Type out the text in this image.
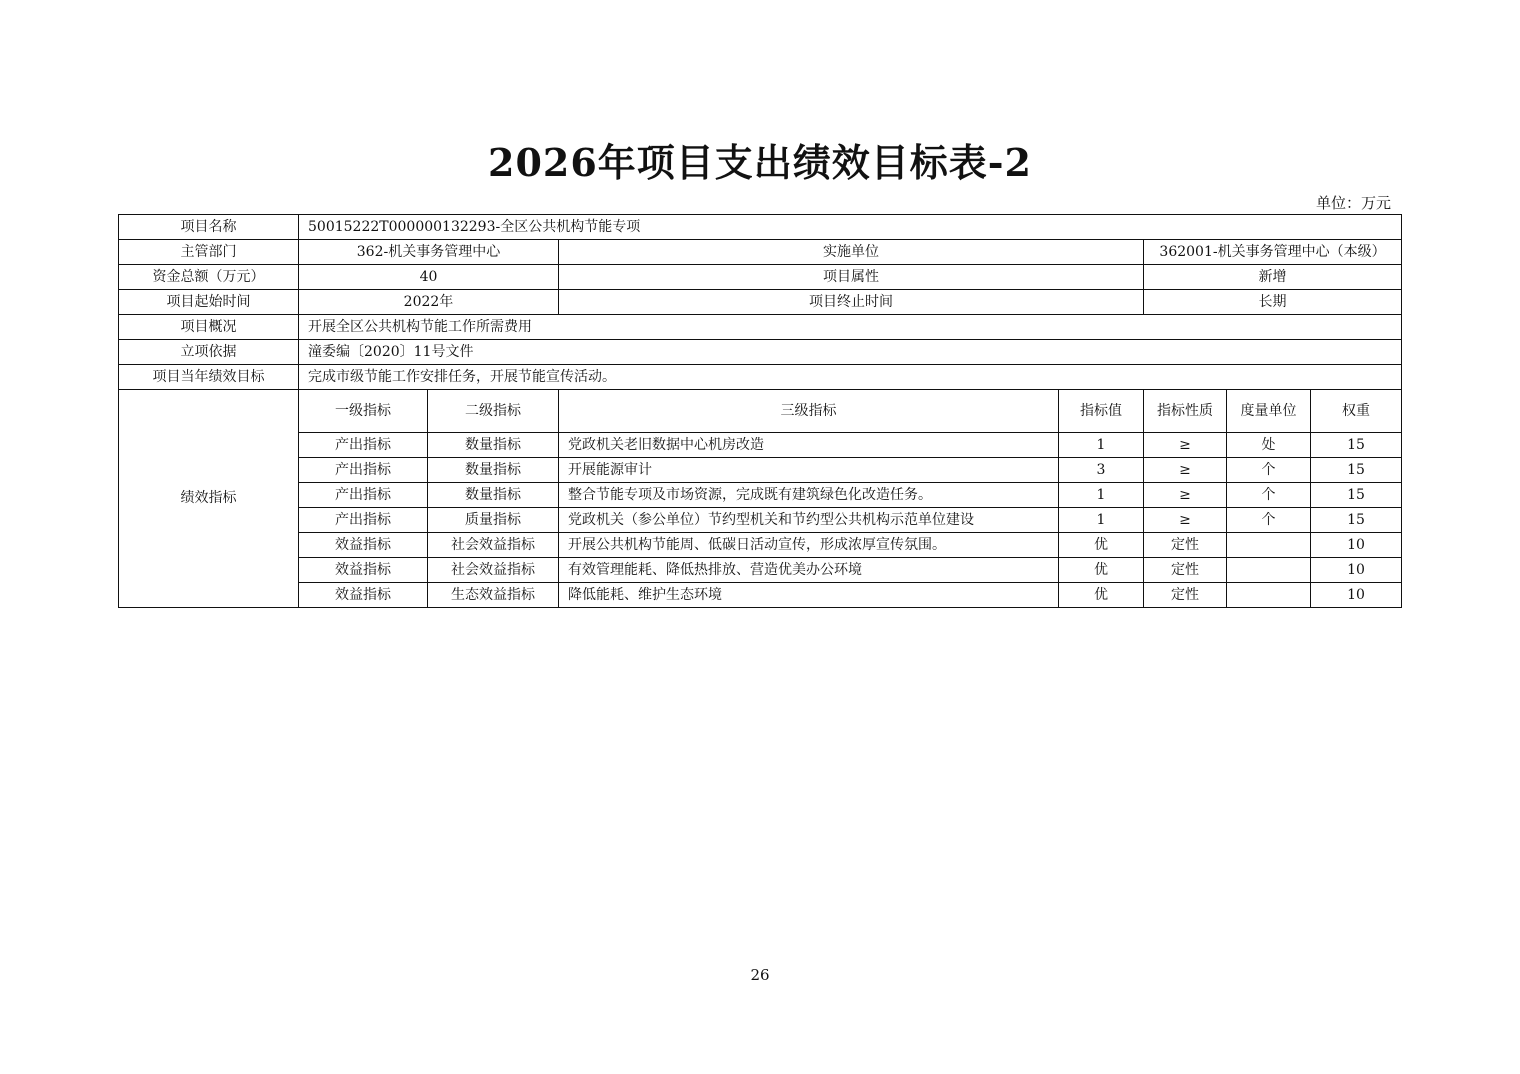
2026年项目支出绩效目标表-2
单位：万元
项目名称	50015222T000000132293-全区公共机构节能专项						
主管部门	362-机关事务管理中心		实施单位		362001-机关事务管理中心（本级）		
资金总额（万元）	40		项目属性		新增		
项目起始时间	2022年		项目终止时间		长期		
项目概况	开展全区公共机构节能工作所需费用						
立项依据	潼委编〔2020〕11号文件						
项目当年绩效目标	完成市级节能工作安排任务，开展节能宣传活动。						
绩效指标	一级指标	二级指标	三级指标	指标值	指标性质	度量单位	权重
	产出指标	数量指标	党政机关老旧数据中心机房改造	1	≥	处	15
	产出指标	数量指标	开展能源审计	3	≥	个	15
	产出指标	数量指标	整合节能专项及市场资源，完成既有建筑绿色化改造任务。	1	≥	个	15
	产出指标	质量指标	党政机关（参公单位）节约型机关和节约型公共机构示范单位建设	1	≥	个	15
	效益指标	社会效益指标	开展公共机构节能周、低碳日活动宣传，形成浓厚宣传氛围。	优	定性		10
	效益指标	社会效益指标	有效管理能耗、降低热排放、营造优美办公环境	优	定性		10
	效益指标	生态效益指标	降低能耗、维护生态环境	优	定性		10
26
